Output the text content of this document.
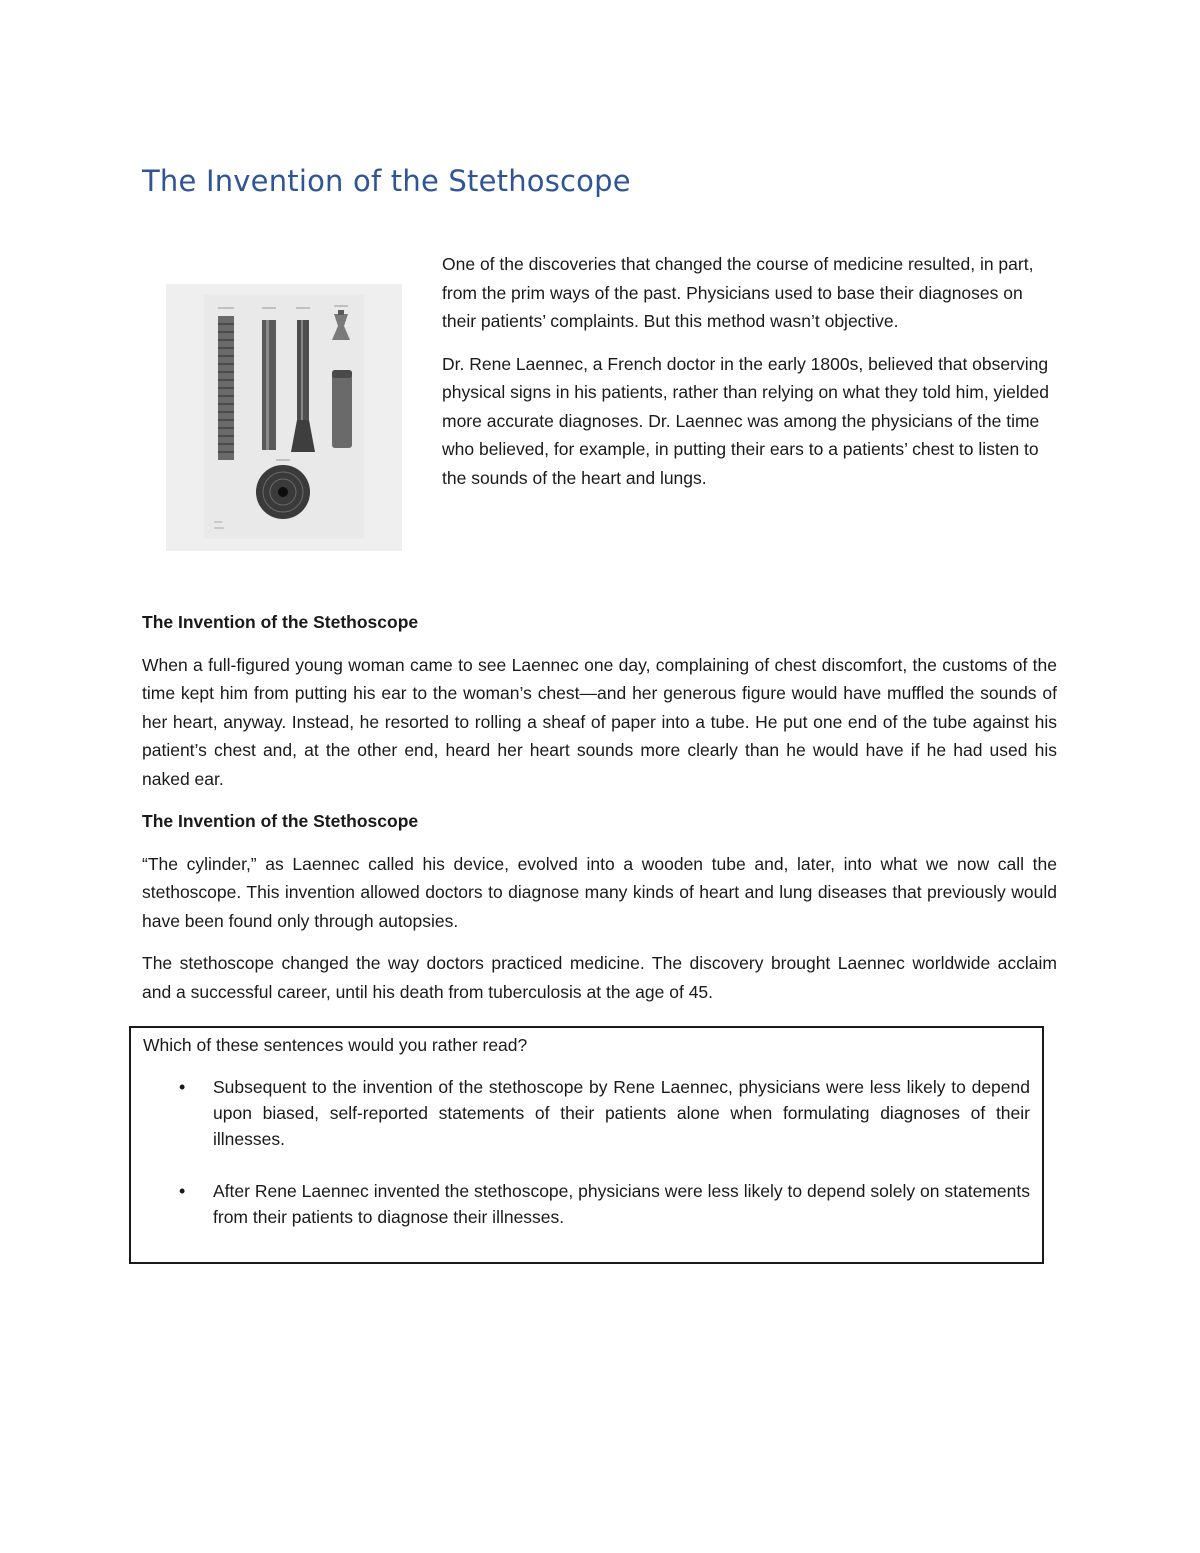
The Invention of the Stethoscope

One of the discoveries that changed the course of medicine resulted, in part, from the prim ways of the past. Physicians used to base their diagnoses on their patients’ complaints. But this method wasn’t objective.

Dr. Rene Laennec, a French doctor in the early 1800s, believed that observing physical signs in his patients, rather than relying on what they told him, yielded more accurate diagnoses. Dr. Laennec was among the physicians of the time who believed, for example, in putting their ears to a patients’ chest to listen to the sounds of the heart and lungs.

The Invention of the Stethoscope

When a full-figured young woman came to see Laennec one day, complaining of chest discomfort, the customs of the time kept him from putting his ear to the woman’s chest—and her generous figure would have muffled the sounds of her heart, anyway. Instead, he resorted to rolling a sheaf of paper into a tube. He put one end of the tube against his patient’s chest and, at the other end, heard her heart sounds more clearly than he would have if he had used his naked ear.

The Invention of the Stethoscope

“The cylinder,” as Laennec called his device, evolved into a wooden tube and, later, into what we now call the stethoscope. This invention allowed doctors to diagnose many kinds of heart and lung diseases that previously would have been found only through autopsies.

The stethoscope changed the way doctors practiced medicine. The discovery brought Laennec worldwide acclaim and a successful career, until his death from tuberculosis at the age of 45.

Which of these sentences would you rather read?

• Subsequent to the invention of the stethoscope by Rene Laennec, physicians were less likely to depend upon biased, self-reported statements of their patients alone when formulating diagnoses of their illnesses.
• After Rene Laennec invented the stethoscope, physicians were less likely to depend solely on statements from their patients to diagnose their illnesses.
